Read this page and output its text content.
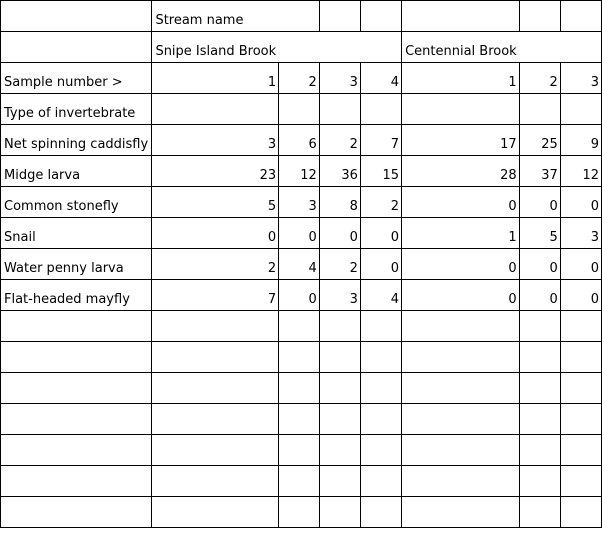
	Stream name						
	Snipe Island Brook				Centennial Brook		
Sample number >	1	2	3	4	1	2	3
Type of invertebrate							
Net spinning caddisfly	3	6	2	7	17	25	9
Midge larva	23	12	36	15	28	37	12
Common stonefly	5	3	8	2	0	0	0
Snail	0	0	0	0	1	5	3
Water penny larva	2	4	2	0	0	0	0
Flat-headed mayfly	7	0	3	4	0	0	0
